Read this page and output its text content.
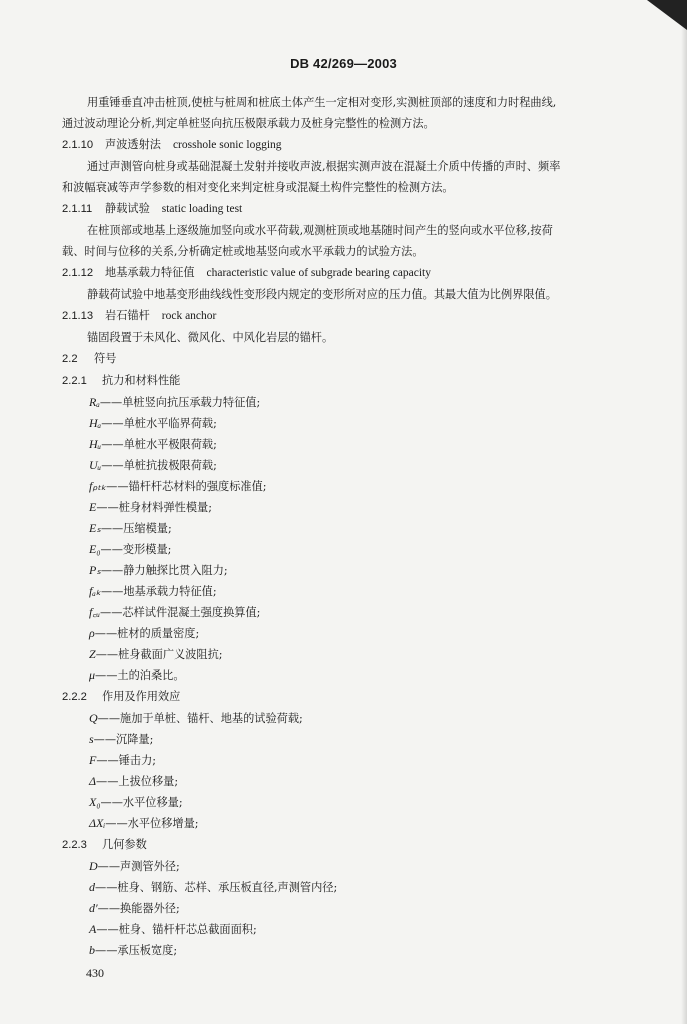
DB 42/269—2003
用重锤垂直冲击桩顶,使桩与桩周和桩底土体产生一定相对变形,实测桩顶部的速度和力时程曲线,
通过波动理论分析,判定单桩竖向抗压极限承载力及桩身完整性的检测方法。
2.1.10 声波透射法 crosshole sonic logging
通过声测管向桩身或基础混凝土发射并接收声波,根据实测声波在混凝土介质中传播的声时、频率
和波幅衰减等声学参数的相对变化来判定桩身或混凝土构件完整性的检测方法。
2.1.11 静载试验 static loading test
在桩顶部或地基上逐级施加竖向或水平荷载,观测桩顶或地基随时间产生的竖向或水平位移,按荷
载、时间与位移的关系,分析确定桩或地基竖向或水平承载力的试验方法。
2.1.12 地基承载力特征值 characteristic value of subgrade bearing capacity
静载荷试验中地基变形曲线线性变形段内规定的变形所对应的压力值。其最大值为比例界限值。
2.1.13 岩石锚杆 rock anchor
锚固段置于未风化、微风化、中风化岩层的锚杆。
2.2 符号
2.2.1 抗力和材料性能
Rₐ——单桩竖向抗压承载力特征值;
Hₐ——单桩水平临界荷载;
Hᵤ——单桩水平极限荷载;
Uᵤ——单桩抗拔极限荷载;
fₚₜₖ——锚杆杆芯材料的强度标准值;
E——桩身材料弹性模量;
Eₛ——压缩模量;
E₀——变形模量;
Pₛ——静力触探比贯入阻力;
fₐₖ——地基承载力特征值;
f꜀ᵤ——芯样试件混凝土强度换算值;
ρ——桩材的质量密度;
Z——桩身截面广义波阻抗;
μ——土的泊桑比。
2.2.2 作用及作用效应
Q——施加于单桩、锚杆、地基的试验荷载;
s——沉降量;
F——锤击力;
Δ——上拔位移量;
X₀——水平位移量;
ΔXᵢ——水平位移增量;
2.2.3 几何参数
D——声测管外径;
d——桩身、钢筋、芯样、承压板直径,声测管内径;
d′——换能器外径;
A——桩身、锚杆杆芯总截面面积;
b——承压板宽度;
430
